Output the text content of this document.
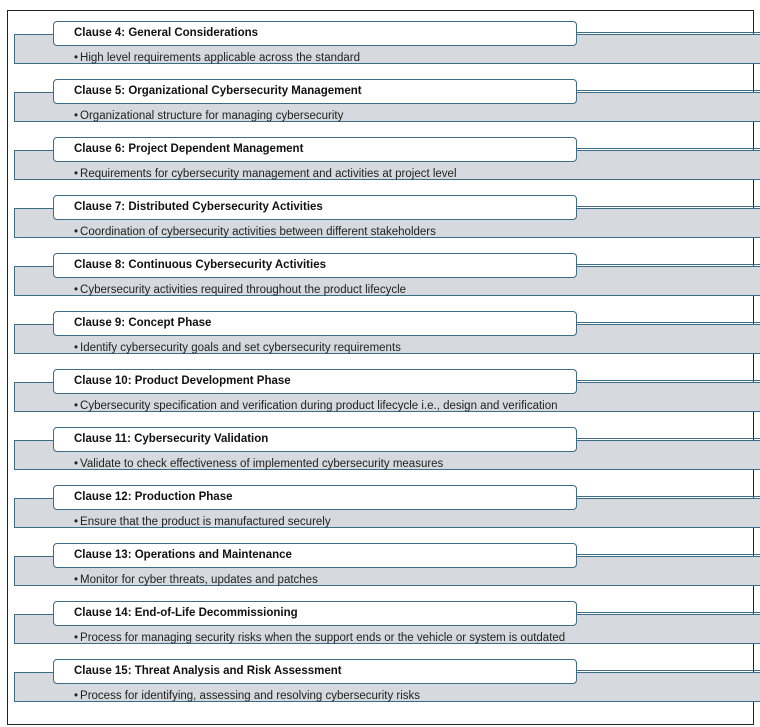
Clause 4: General Considerations
• High level requirements applicable across the standard
Clause 5: Organizational Cybersecurity Management
• Organizational structure for managing cybersecurity
Clause 6: Project Dependent Management
• Requirements for cybersecurity management and activities at project level
Clause 7: Distributed Cybersecurity Activities
• Coordination of cybersecurity activities between different stakeholders
Clause 8: Continuous Cybersecurity Activities
• Cybersecurity activities required throughout the product lifecycle
Clause 9: Concept Phase
• Identify cybersecurity goals and set cybersecurity requirements
Clause 10: Product Development Phase
• Cybersecurity specification and verification during product lifecycle i.e., design and verification
Clause 11: Cybersecurity Validation
• Validate to check effectiveness of implemented cybersecurity measures
Clause 12: Production Phase
• Ensure that the product is manufactured securely
Clause 13: Operations and Maintenance
• Monitor for cyber threats, updates and patches
Clause 14: End-of-Life Decommissioning
• Process for managing security risks when the support ends or the vehicle or system is outdated
Clause 15: Threat Analysis and Risk Assessment
• Process for identifying, assessing and resolving cybersecurity risks
